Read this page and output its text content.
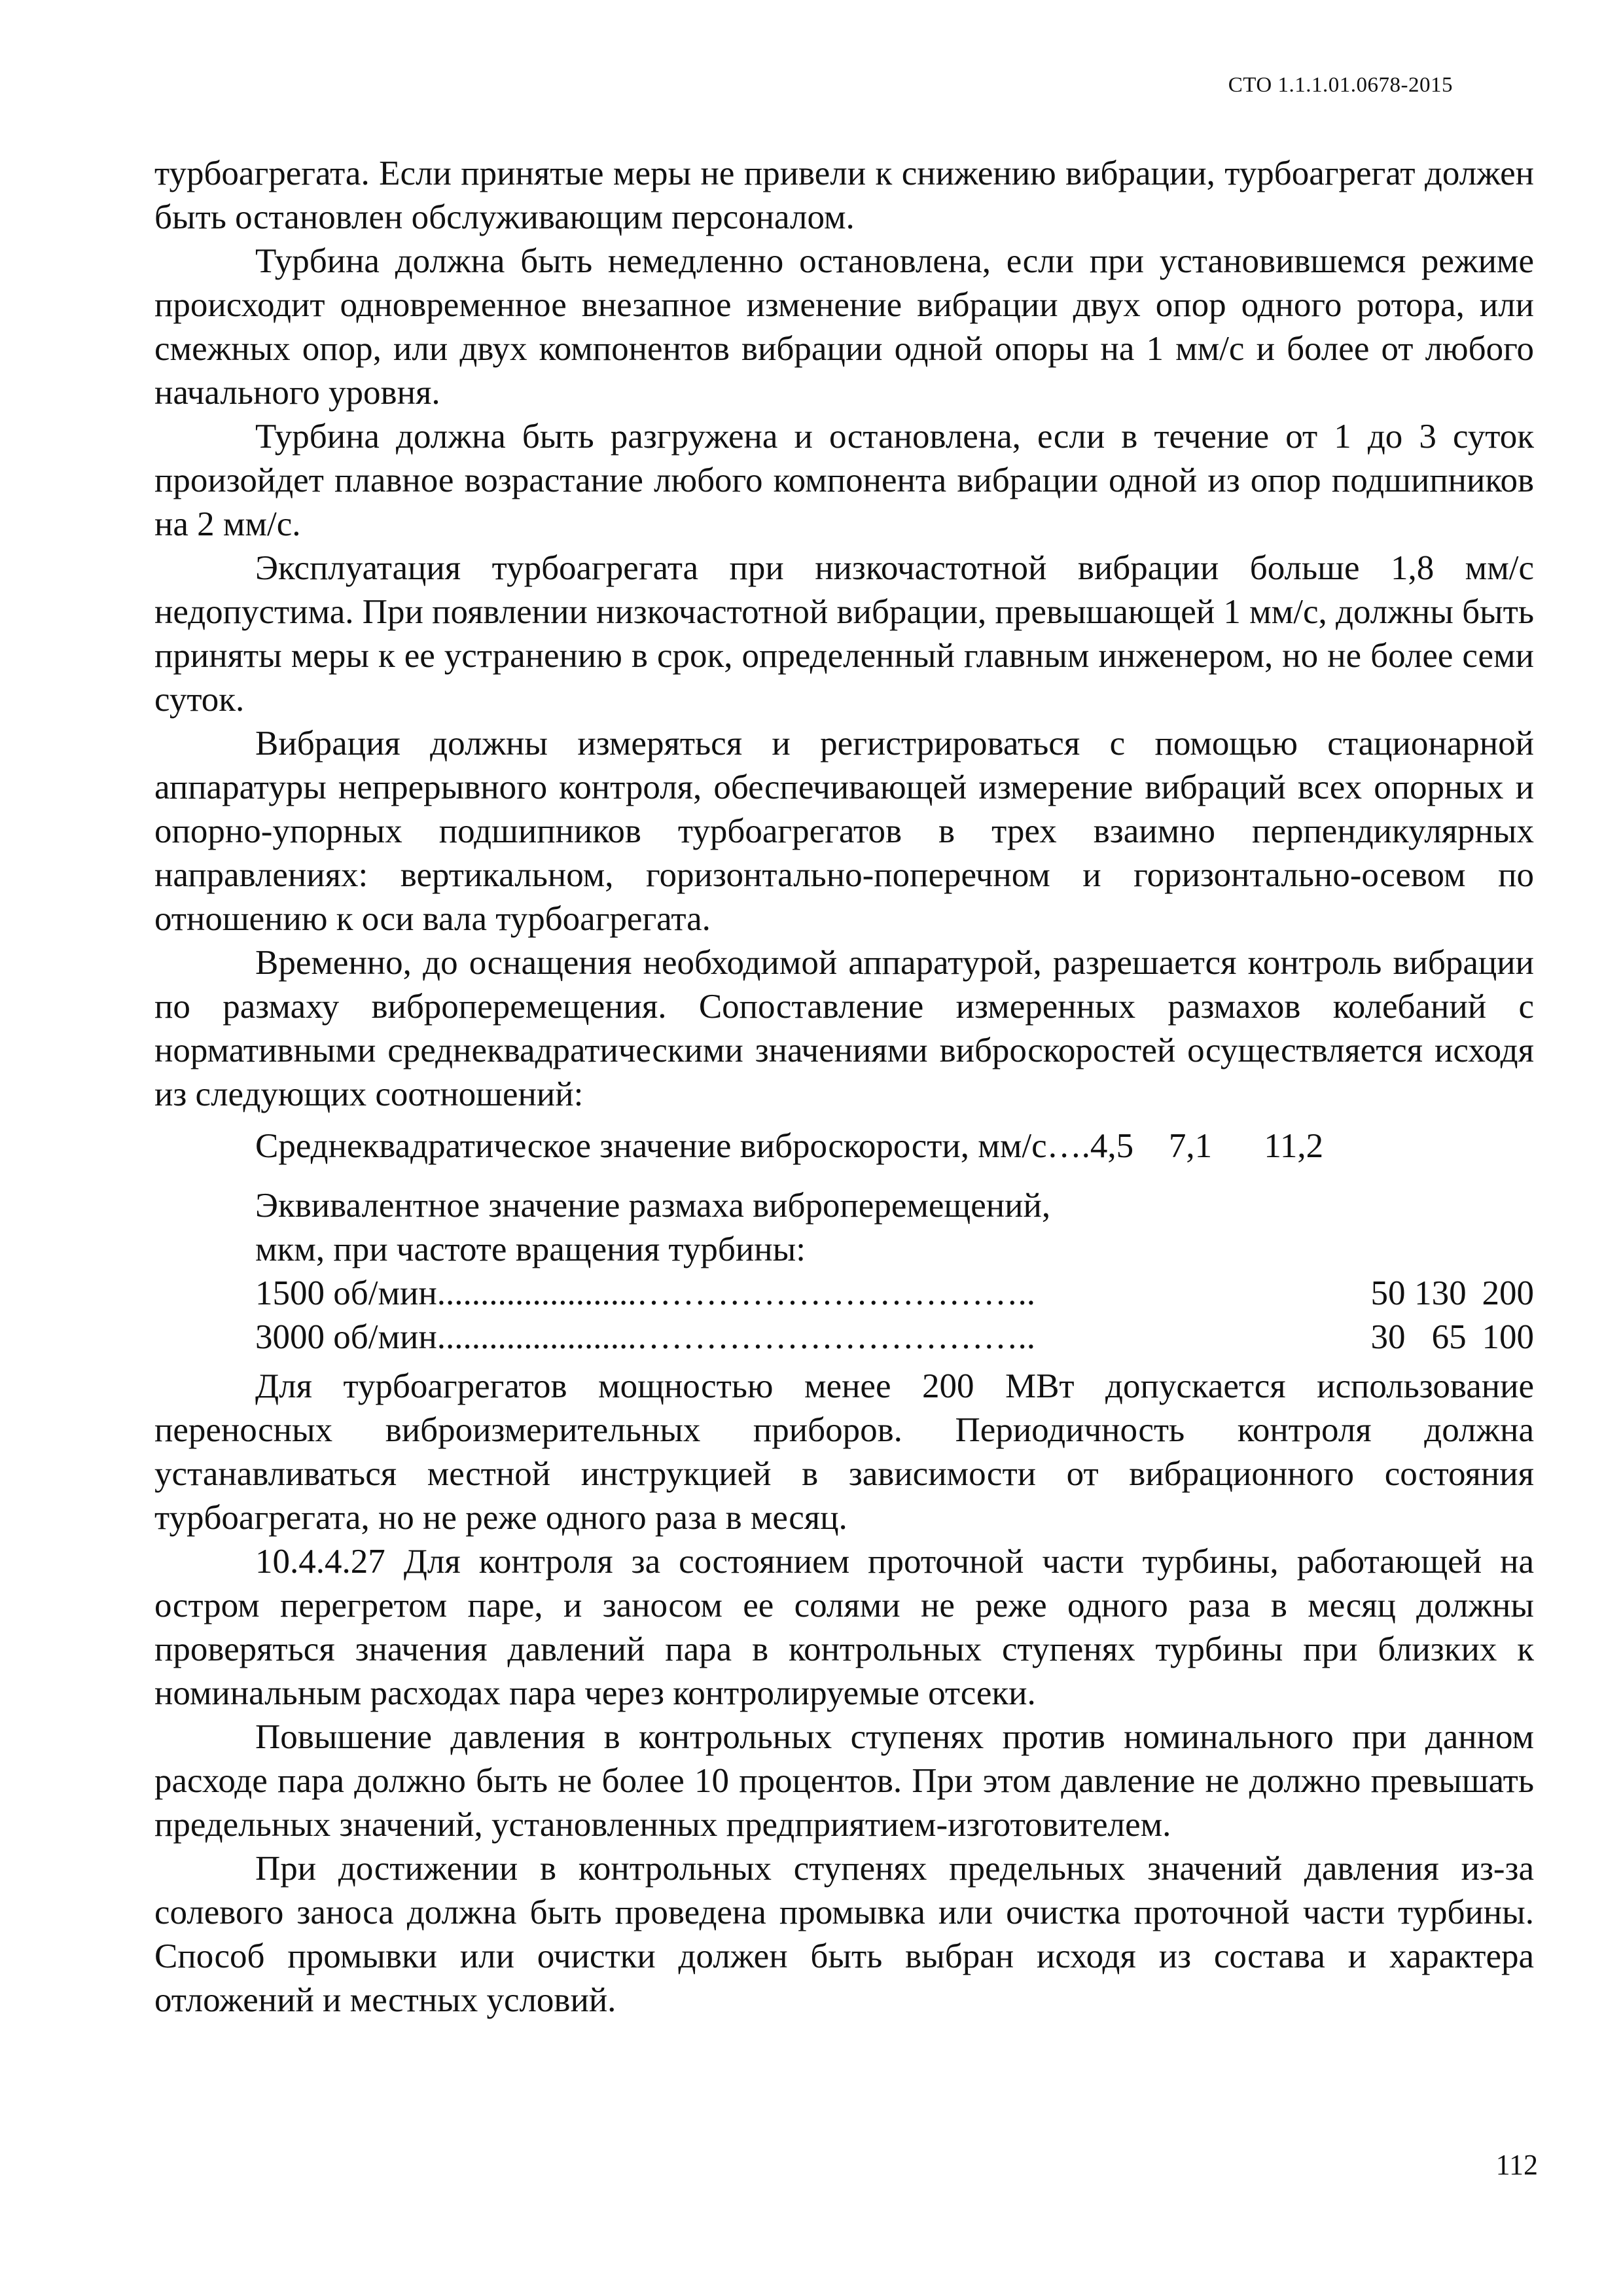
СТО 1.1.1.01.0678-2015

турбоагрегата. Если принятые меры не привели к снижению вибрации, турбоагрегат должен быть остановлен обслуживающим персоналом.

Турбина должна быть немедленно остановлена, если при установившемся режиме происходит одновременное внезапное изменение вибрации двух опор одного ротора, или смежных опор, или двух компонентов вибрации одной опоры на 1 мм/с и более от любого начального уровня.

Турбина должна быть разгружена и остановлена, если в течение от 1 до 3 суток произойдет плавное возрастание любого компонента вибрации одной из опор подшипников на 2 мм/с.

Эксплуатация турбоагрегата при низкочастотной вибрации больше 1,8 мм/с недопустима. При появлении низкочастотной вибрации, превышающей 1 мм/с, должны быть приняты меры к ее устранению в срок, определенный главным инженером, но не более семи суток.

Вибрация должны измеряться и регистрироваться с помощью стационарной аппаратуры непрерывного контроля, обеспечивающей измерение вибраций всех опорных и опорно-упорных подшипников турбоагрегатов в трех взаимно перпендикулярных направлениях: вертикальном, горизонтально-поперечном и горизонтально-осевом по отношению к оси вала турбоагрегата.

Временно, до оснащения необходимой аппаратурой, разрешается контроль вибрации по размаху виброперемещения. Сопоставление измеренных размахов колебаний с нормативными среднеквадратическими значениями виброскоростей осуществляется исходя из следующих соотношений:

Среднеквадратическое значение виброскорости, мм/с…. 4,5	7,1	11,2
Эквивалентное значение размаха виброперемещений,
мкм, при частоте вращения турбины:
1500 об/мин.......................……………………………..	50 130 200
3000 об/мин.......................……………………………..	30 65 100

Для турбоагрегатов мощностью менее 200 МВт допускается использование переносных виброизмерительных приборов. Периодичность контроля должна устанавливаться местной инструкцией в зависимости от вибрационного состояния турбоагрегата, но не реже одного раза в месяц.

10.4.4.27 Для контроля за состоянием проточной части турбины, работающей на остром перегретом паре, и заносом ее солями не реже одного раза в месяц должны проверяться значения давлений пара в контрольных ступенях турбины при близких к номинальным расходах пара через контролируемые отсеки.

Повышение давления в контрольных ступенях против номинального при данном расходе пара должно быть не более 10 процентов. При этом давление не должно превышать предельных значений, установленных предприятием-изготовителем.

При достижении в контрольных ступенях предельных значений давления из-за солевого заноса должна быть проведена промывка или очистка проточной части турбины. Способ промывки или очистки должен быть выбран исходя из состава и характера отложений и местных условий.

112
